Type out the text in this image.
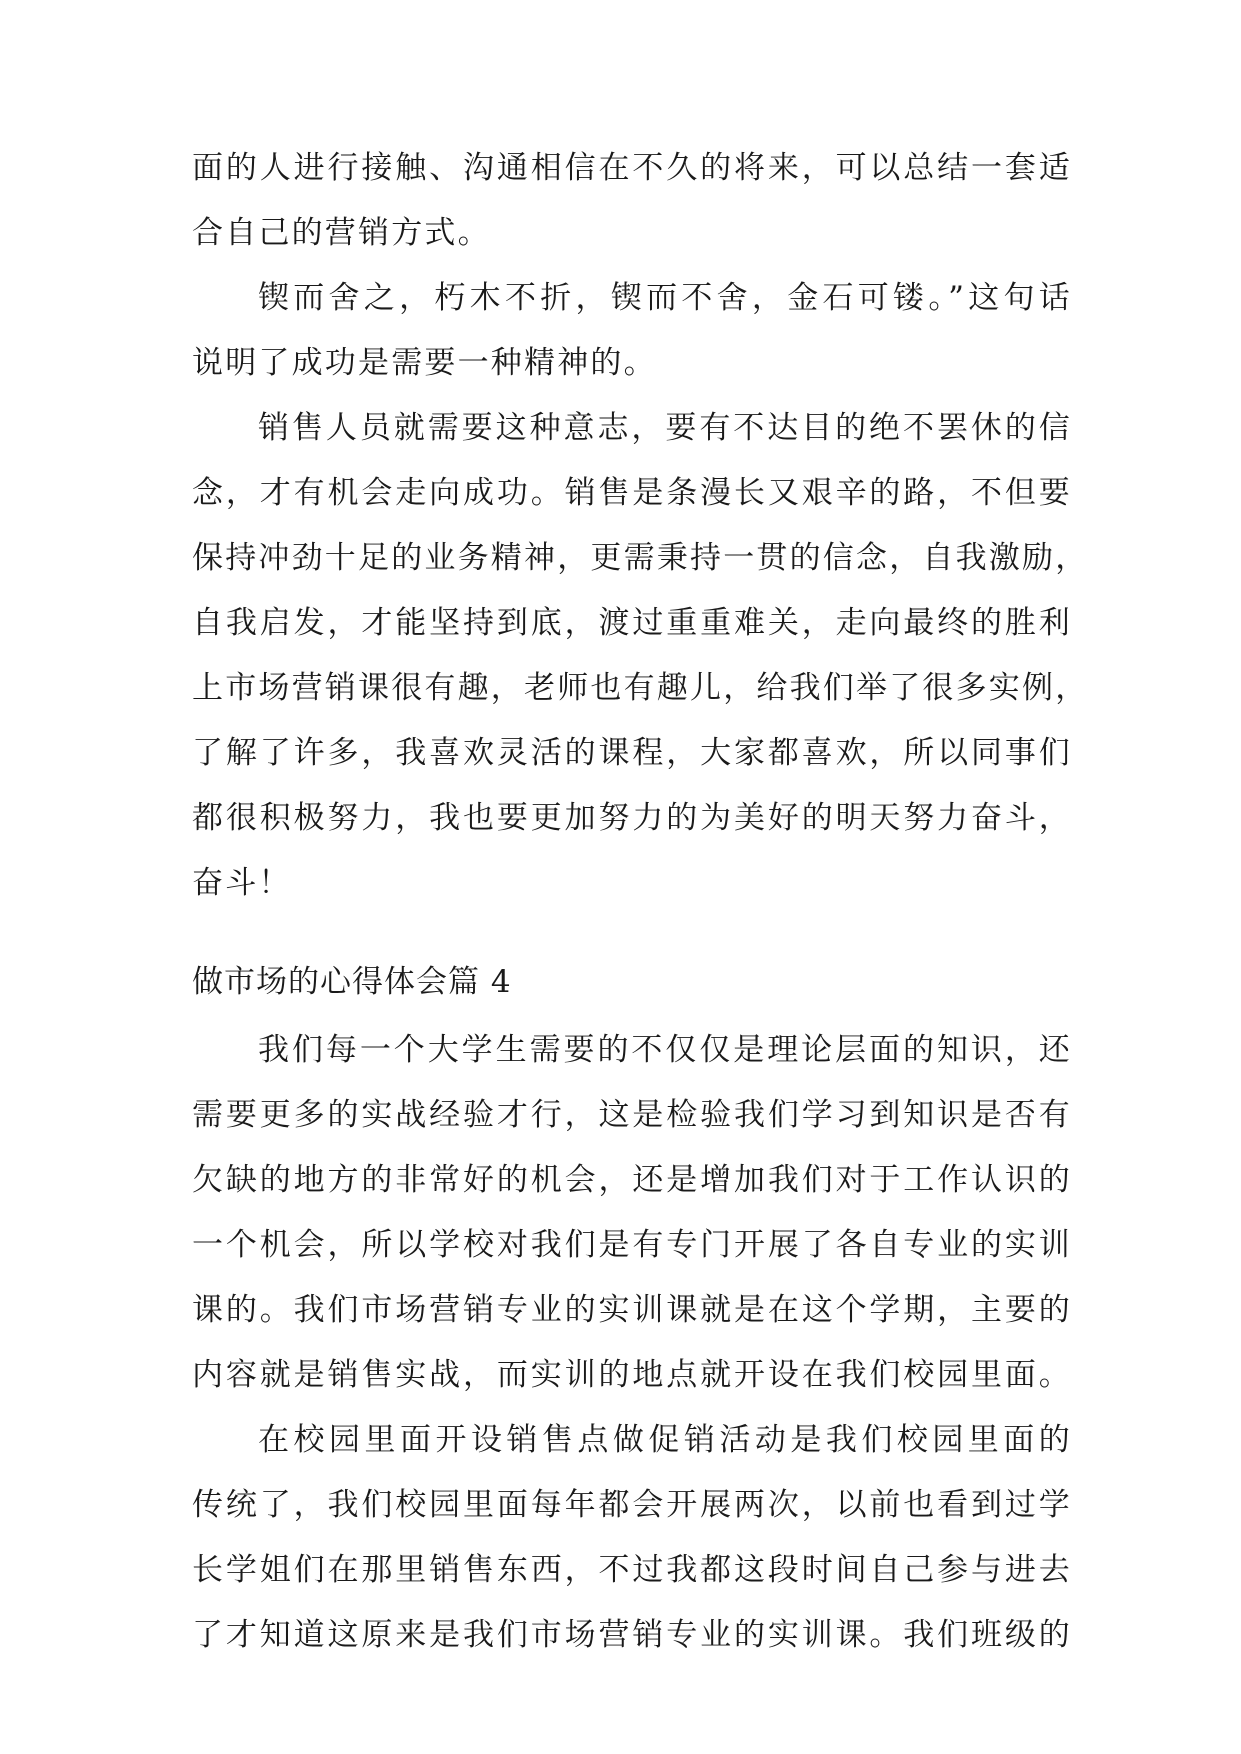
面的人进行接触、沟通相信在不久的将来，可以总结一套适
合自己的营销方式。
锲而舍之，朽木不折，锲而不舍，金石可镂。”这句话
说明了成功是需要一种精神的。
销售人员就需要这种意志，要有不达目的绝不罢休的信
念，才有机会走向成功。销售是条漫长又艰辛的路，不但要
保持冲劲十足的业务精神，更需秉持一贯的信念，自我激励，
自我启发，才能坚持到底，渡过重重难关，走向最终的胜利
上市场营销课很有趣，老师也有趣儿，给我们举了很多实例，
了解了许多，我喜欢灵活的课程，大家都喜欢，所以同事们
都很积极努力，我也要更加努力的为美好的明天努力奋斗，
奋斗！
做市场的心得体会篇 4
我们每一个大学生需要的不仅仅是理论层面的知识，还
需要更多的实战经验才行，这是检验我们学习到知识是否有
欠缺的地方的非常好的机会，还是增加我们对于工作认识的
一个机会，所以学校对我们是有专门开展了各自专业的实训
课的。我们市场营销专业的实训课就是在这个学期，主要的
内容就是销售实战，而实训的地点就开设在我们校园里面。
在校园里面开设销售点做促销活动是我们校园里面的
传统了，我们校园里面每年都会开展两次，以前也看到过学
长学姐们在那里销售东西，不过我都这段时间自己参与进去
了才知道这原来是我们市场营销专业的实训课。我们班级的
